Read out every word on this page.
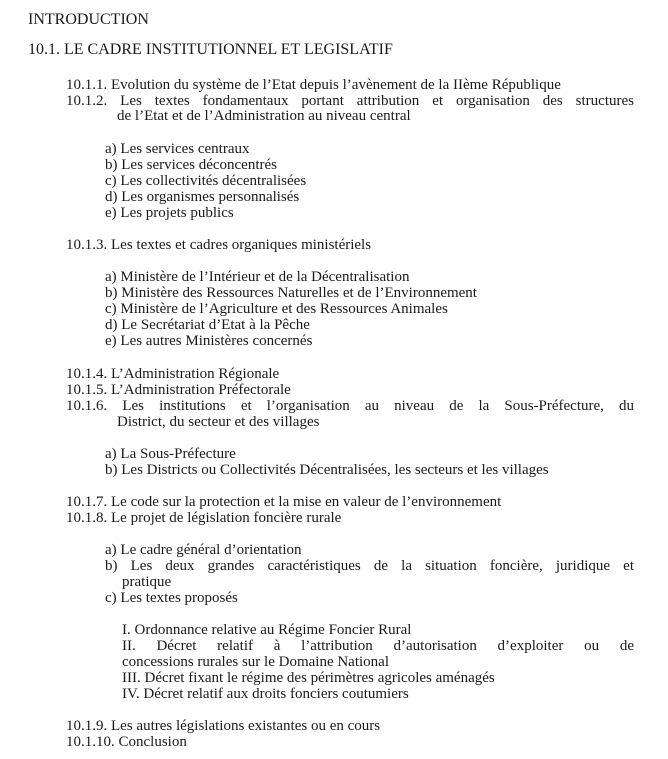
INTRODUCTION
10.1. LE CADRE INSTITUTIONNEL ET LEGISLATIF
10.1.1. Evolution du système de l’Etat depuis l’avènement de la IIème République
10.1.2. Les textes fondamentaux portant attribution et organisation des structures
de l’Etat et de l’Administration au niveau central
a) Les services centraux
b) Les services déconcentrés
c) Les collectivités décentralisées
d) Les organismes personnalisés
e) Les projets publics
10.1.3. Les textes et cadres organiques ministériels
a) Ministère de l’Intérieur et de la Décentralisation
b) Ministère des Ressources Naturelles et de l’Environnement
c) Ministère de l’Agriculture et des Ressources Animales
d) Le Secrétariat d’Etat à la Pêche
e) Les autres Ministères concernés
10.1.4. L’Administration Régionale
10.1.5. L’Administration Préfectorale
10.1.6. Les institutions et l’organisation au niveau de la Sous-Préfecture, du
District, du secteur et des villages
a) La Sous-Préfecture
b) Les Districts ou Collectivités Décentralisées, les secteurs et les villages
10.1.7. Le code sur la protection et la mise en valeur de l’environnement
10.1.8. Le projet de législation foncière rurale
a) Le cadre général d’orientation
b) Les deux grandes caractéristiques de la situation foncière, juridique et
pratique
c) Les textes proposés
I. Ordonnance relative au Régime Foncier Rural
II. Décret relatif à l’attribution d’autorisation d’exploiter ou de
concessions rurales sur le Domaine National
III. Décret fixant le régime des périmètres agricoles aménagés
IV. Décret relatif aux droits fonciers coutumiers
10.1.9. Les autres législations existantes ou en cours
10.1.10. Conclusion
